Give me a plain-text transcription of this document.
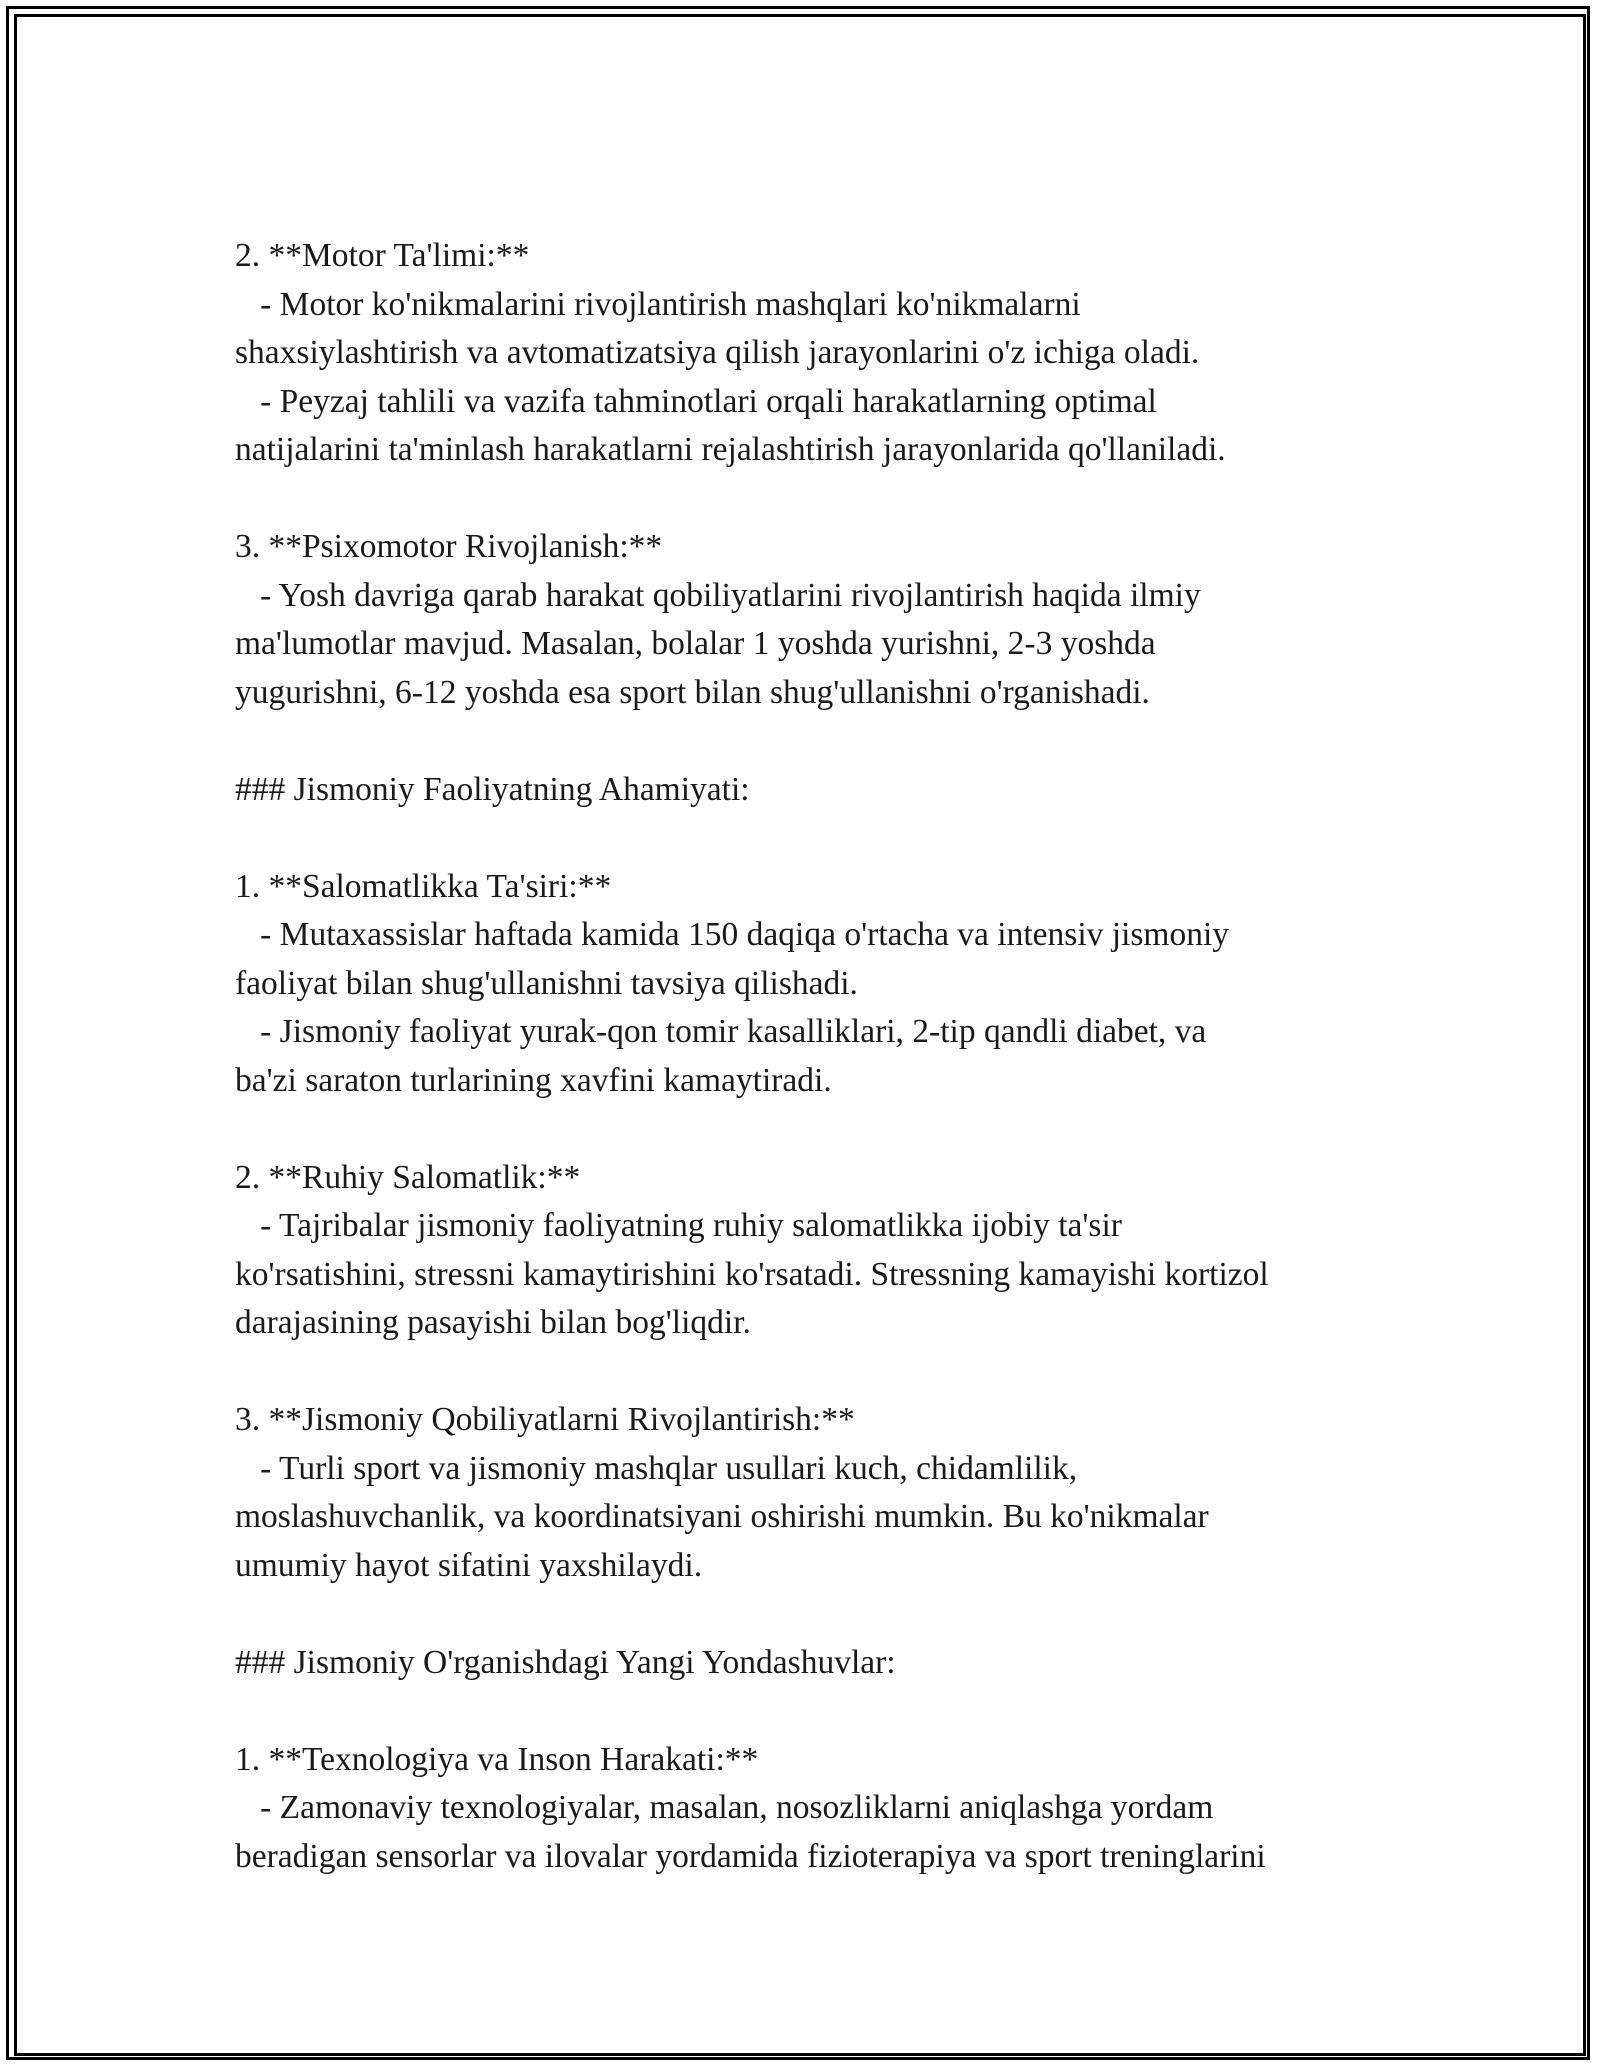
2. **Motor Ta'limi:**
- Motor ko'nikmalarini rivojlantirish mashqlari ko'nikmalarni
shaxsiylashtirish va avtomatizatsiya qilish jarayonlarini o'z ichiga oladi.
- Peyzaj tahlili va vazifa tahminotlari orqali harakatlarning optimal
natijalarini ta'minlash harakatlarni rejalashtirish jarayonlarida qo'llaniladi.
3. **Psixomotor Rivojlanish:**
- Yosh davriga qarab harakat qobiliyatlarini rivojlantirish haqida ilmiy
ma'lumotlar mavjud. Masalan, bolalar 1 yoshda yurishni, 2-3 yoshda
yugurishni, 6-12 yoshda esa sport bilan shug'ullanishni o'rganishadi.
### Jismoniy Faoliyatning Ahamiyati:
1. **Salomatlikka Ta'siri:**
- Mutaxassislar haftada kamida 150 daqiqa o'rtacha va intensiv jismoniy
faoliyat bilan shug'ullanishni tavsiya qilishadi.
- Jismoniy faoliyat yurak-qon tomir kasalliklari, 2-tip qandli diabet, va
ba'zi saraton turlarining xavfini kamaytiradi.
2. **Ruhiy Salomatlik:**
- Tajribalar jismoniy faoliyatning ruhiy salomatlikka ijobiy ta'sir
ko'rsatishini, stressni kamaytirishini ko'rsatadi. Stressning kamayishi kortizol
darajasining pasayishi bilan bog'liqdir.
3. **Jismoniy Qobiliyatlarni Rivojlantirish:**
- Turli sport va jismoniy mashqlar usullari kuch, chidamlilik,
moslashuvchanlik, va koordinatsiyani oshirishi mumkin. Bu ko'nikmalar
umumiy hayot sifatini yaxshilaydi.
### Jismoniy O'rganishdagi Yangi Yondashuvlar:
1. **Texnologiya va Inson Harakati:**
- Zamonaviy texnologiyalar, masalan, nosozliklarni aniqlashga yordam
beradigan sensorlar va ilovalar yordamida fizioterapiya va sport treninglarini
